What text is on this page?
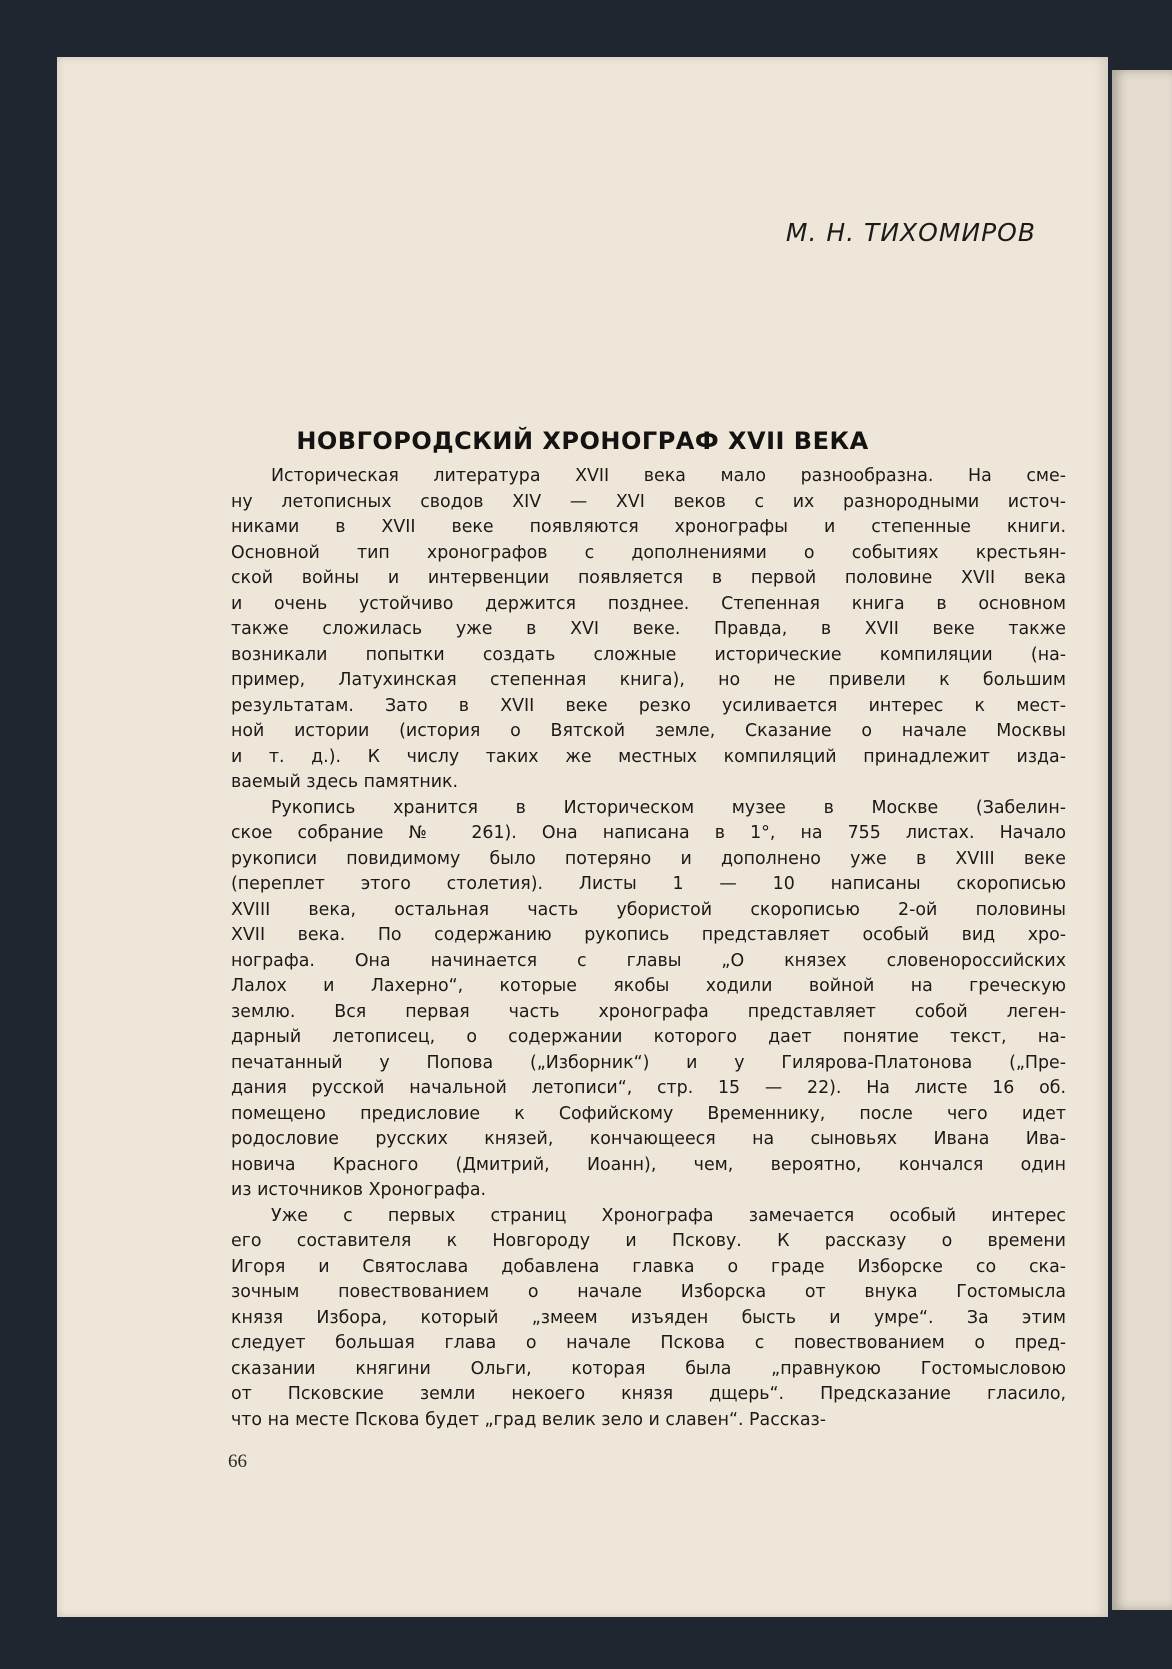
М. Н. ТИХОМИРОВ

НОВГОРОДСКИЙ ХРОНОГРАФ XVII ВЕКА
Историческая литература XVII века мало разнообразна. На сме-
ну летописных сводов XIV — XVI веков с их разнородными источ-
никами в XVII веке появляются хронографы и степенные книги.
Основной тип хронографов с дополнениями о событиях крестьян-
ской войны и интервенции появляется в первой половине XVII века
и очень устойчиво держится позднее. Степенная книга в основном
также сложилась уже в XVI веке. Правда, в XVII веке также
возникали попытки создать сложные исторические компиляции (на-
пример, Латухинская степенная книга), но не привели к большим
результатам. Зато в XVII веке резко усиливается интерес к мест-
ной истории (история о Вятской земле, Сказание о начале Москвы
и т. д.). К числу таких же местных компиляций принадлежит изда-
ваемый здесь памятник.
Рукопись хранится в Историческом музее в Москве (Забелин-
ское собрание № 261). Она написана в 1°, на 755 листах. Начало
рукописи повидимому было потеряно и дополнено уже в XVIII веке
(переплет этого столетия). Листы 1 — 10 написаны скорописью
XVIII века, остальная часть убористой скорописью 2-ой половины
XVII века. По содержанию рукопись представляет особый вид хро-
нографа. Она начинается с главы „О князех словенороссийских
Лалох и Лахерно“, которые якобы ходили войной на греческую
землю. Вся первая часть хронографа представляет собой леген-
дарный летописец, о содержании которого дает понятие текст, на-
печатанный у Попова („Изборник“) и у Гилярова-Платонова („Пре-
дания русской начальной летописи“, стр. 15 — 22). На листе 16 об.
помещено предисловие к Софийскому Временнику, после чего идет
родословие русских князей, кончающееся на сыновьях Ивана Ива-
новича Красного (Дмитрий, Иоанн), чем, вероятно, кончался один
из источников Хронографа.
Уже с первых страниц Хронографа замечается особый интерес
его составителя к Новгороду и Пскову. К рассказу о времени
Игоря и Святослава добавлена главка о граде Изборске со ска-
зочным повествованием о начале Изборска от внука Гостомысла
князя Избора, который „змеем изъяден бысть и умре“. За этим
следует большая глава о начале Пскова с повествованием о пред-
сказании княгини Ольги, которая была „правнукою Гостомысловою
от Псковские земли некоего князя дщерь“. Предсказание гласило,
что на месте Пскова будет „град велик зело и славен“. Рассказ-

66
